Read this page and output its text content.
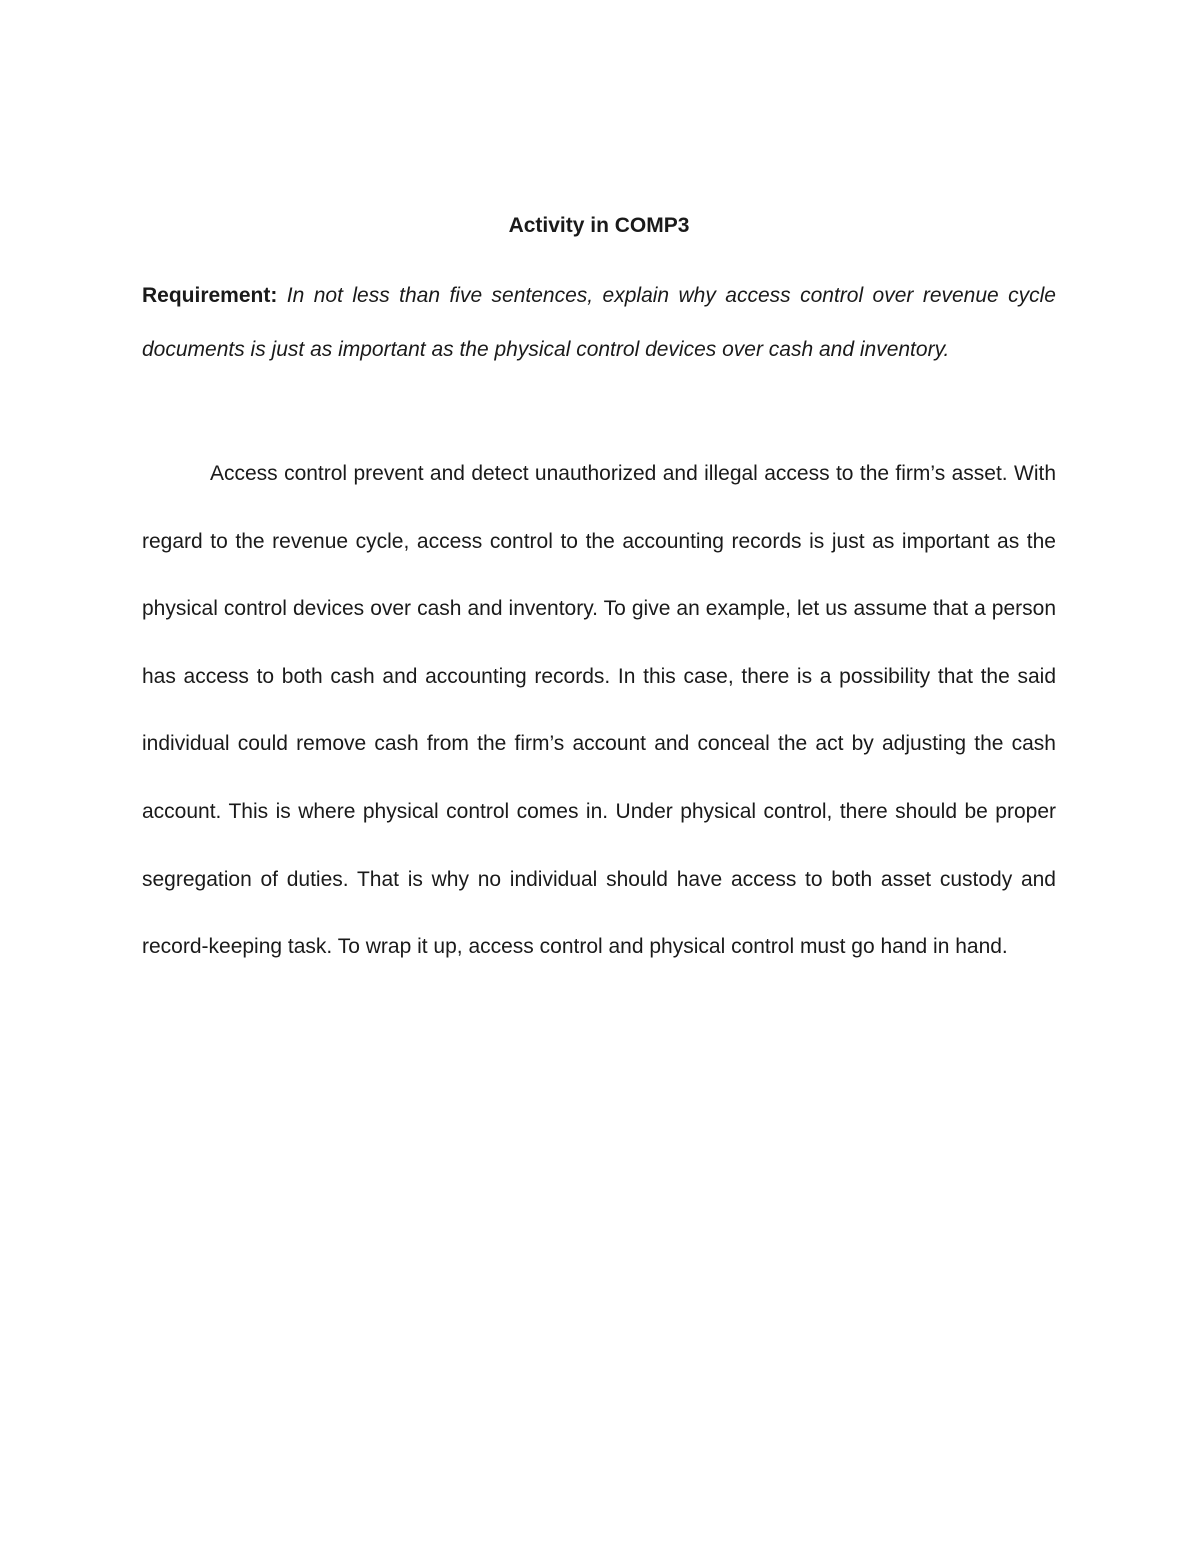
Activity in COMP3

Requirement: In not less than five sentences, explain why access control over revenue cycle documents is just as important as the physical control devices over cash and inventory.

Access control prevent and detect unauthorized and illegal access to the firm’s asset. With regard to the revenue cycle, access control to the accounting records is just as important as the physical control devices over cash and inventory. To give an example, let us assume that a person has access to both cash and accounting records. In this case, there is a possibility that the said individual could remove cash from the firm’s account and conceal the act by adjusting the cash account. This is where physical control comes in. Under physical control, there should be proper segregation of duties. That is why no individual should have access to both asset custody and record-keeping task. To wrap it up, access control and physical control must go hand in hand.
